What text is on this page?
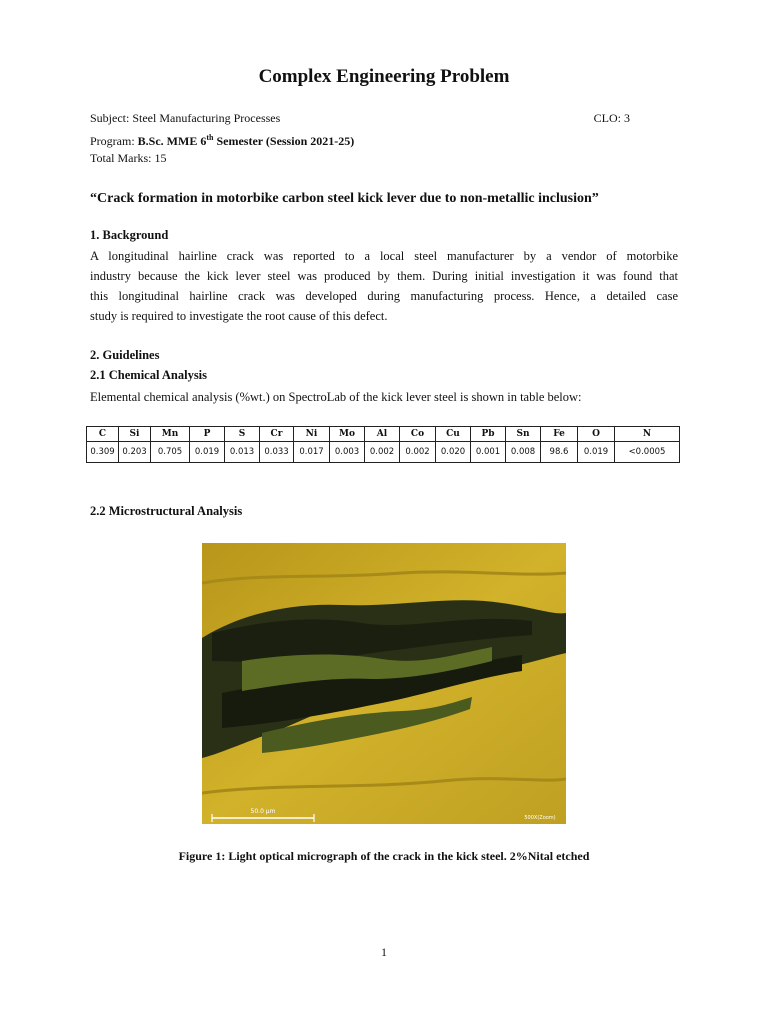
Complex Engineering Problem
Subject: Steel Manufacturing Processes	CLO: 3
Program: B.Sc. MME 6th Semester (Session 2021-25)
Total Marks: 15
“Crack formation in motorbike carbon steel kick lever due to non-metallic inclusion”
1. Background
A longitudinal hairline crack was reported to a local steel manufacturer by a vendor of motorbike
industry because the kick lever steel was produced by them. During initial investigation it was found that
this longitudinal hairline crack was developed during manufacturing process. Hence, a detailed case
study is required to investigate the root cause of this defect.
2. Guidelines
2.1 Chemical Analysis
Elemental chemical analysis (%wt.) on SpectroLab of the kick lever steel is shown in table below:
C	Si	Mn	P	S	Cr	Ni	Mo	Al	Co	Cu	Pb	Sn	Fe	O	N
0.309	0.203	0.705	0.019	0.013	0.033	0.017	0.003	0.002	0.002	0.020	0.001	0.008	98.6	0.019	<0.0005
2.2 Microstructural Analysis
50.0 µm
500X(Zoom)
Figure 1: Light optical micrograph of the crack in the kick steel. 2%Nital etched
1
